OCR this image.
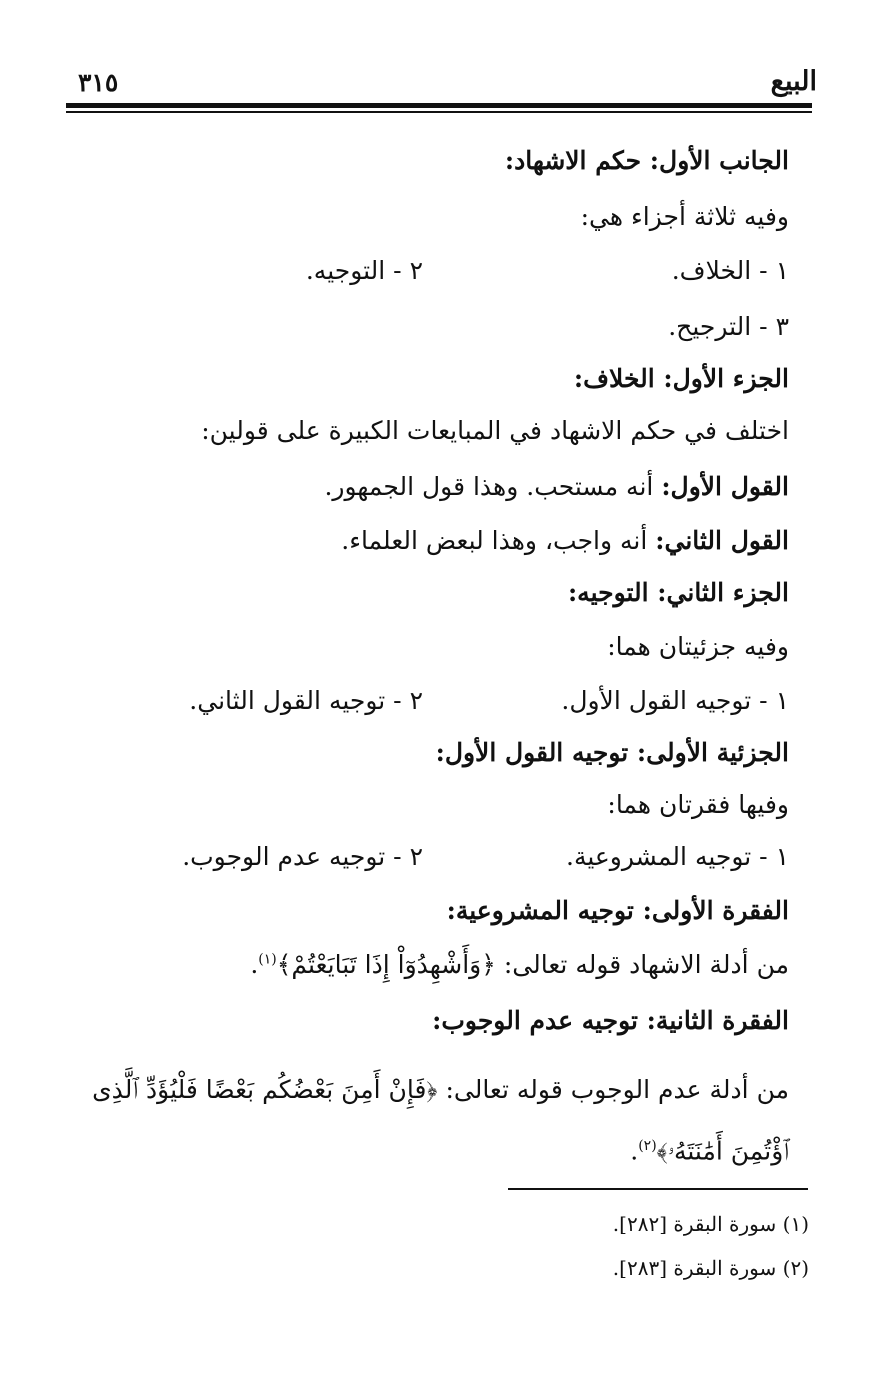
البيع
٣١٥
الجانب الأول: حكم الاشهاد:
وفيه ثلاثة أجزاء هي:
١ - الخلاف.
٢ - التوجيه.
٣ - الترجيح.
الجزء الأول: الخلاف:
اختلف في حكم الاشهاد في المبايعات الكبيرة على قولين:
القول الأول: أنه مستحب. وهذا قول الجمهور.
القول الثاني: أنه واجب، وهذا لبعض العلماء.
الجزء الثاني: التوجيه:
وفيه جزئيتان هما:
١ - توجيه القول الأول.
٢ - توجيه القول الثاني.
الجزئية الأولى: توجيه القول الأول:
وفيها فقرتان هما:
١ - توجيه المشروعية.
٢ - توجيه عدم الوجوب.
الفقرة الأولى: توجيه المشروعية:
من أدلة الاشهاد قوله تعالى: ﴿وَأَشْهِدُوٓاْ إِذَا تَبَايَعْتُمْ﴾$^{(١)}$.
الفقرة الثانية: توجيه عدم الوجوب:
من أدلة عدم الوجوب قوله تعالى: ﴿فَإِنْ أَمِنَ بَعْضُكُم بَعْضًا فَلْيُؤَدِّ ٱلَّذِى ٱؤْتُمِنَ أَمَٰنَتَهُۥ﴾$^{(٢)}$.
(١) سورة البقرة [٢٨٢].
(٢) سورة البقرة [٢٨٣].
